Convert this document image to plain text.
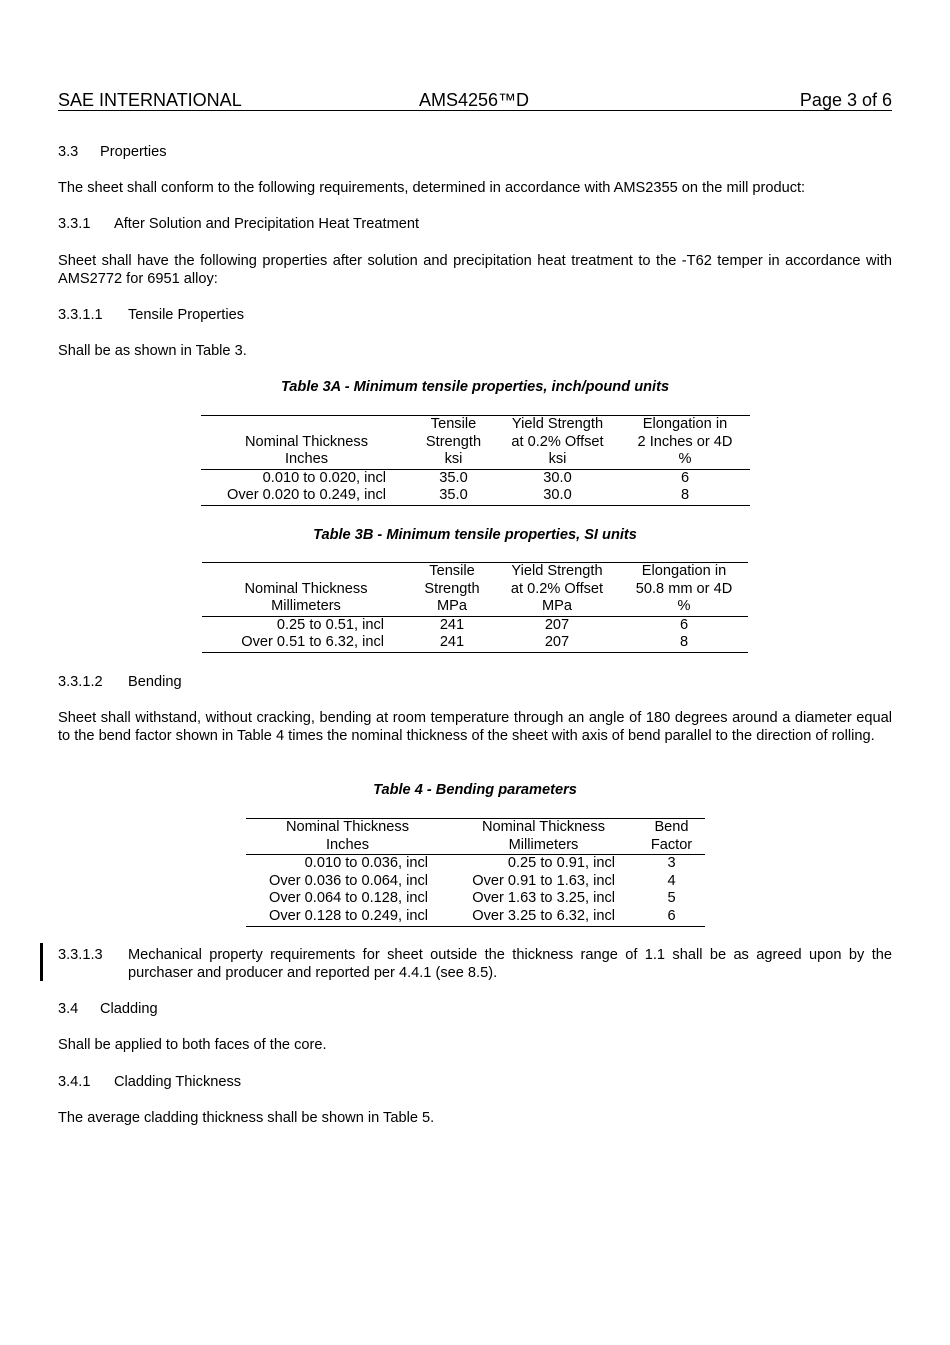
SAE INTERNATIONAL	AMS4256™D	Page 3 of 6
3.3 Properties
The sheet shall conform to the following requirements, determined in accordance with AMS2355 on the mill product:
3.3.1 After Solution and Precipitation Heat Treatment
Sheet shall have the following properties after solution and precipitation heat treatment to the -T62 temper in accordance with AMS2772 for 6951 alloy:
3.3.1.1 Tensile Properties
Shall be as shown in Table 3.
Table 3A - Minimum tensile properties, inch/pound units
	Tensile	Yield Strength	Elongation in
Nominal Thickness	Strength	at 0.2% Offset	2 Inches or 4D
Inches	ksi	ksi	%
0.010 to 0.020, incl	35.0	30.0	6
Over 0.020 to 0.249, incl	35.0	30.0	8
Table 3B - Minimum tensile properties, SI units
	Tensile	Yield Strength	Elongation in
Nominal Thickness	Strength	at 0.2% Offset	50.8 mm or 4D
Millimeters	MPa	MPa	%
0.25 to 0.51, incl	241	207	6
Over 0.51 to 6.32, incl	241	207	8
3.3.1.2 Bending
Sheet shall withstand, without cracking, bending at room temperature through an angle of 180 degrees around a diameter equal to the bend factor shown in Table 4 times the nominal thickness of the sheet with axis of bend parallel to the direction of rolling.
Table 4 - Bending parameters
Nominal Thickness	Nominal Thickness	Bend
Inches	Millimeters	Factor
0.010 to 0.036, incl	0.25 to 0.91, incl	3
Over 0.036 to 0.064, incl	Over 0.91 to 1.63, incl	4
Over 0.064 to 0.128, incl	Over 1.63 to 3.25, incl	5
Over 0.128 to 0.249, incl	Over 3.25 to 6.32, incl	6
3.3.1.3 Mechanical property requirements for sheet outside the thickness range of 1.1 shall be as agreed upon by the purchaser and producer and reported per 4.4.1 (see 8.5).
3.4 Cladding
Shall be applied to both faces of the core.
3.4.1 Cladding Thickness
The average cladding thickness shall be shown in Table 5.
